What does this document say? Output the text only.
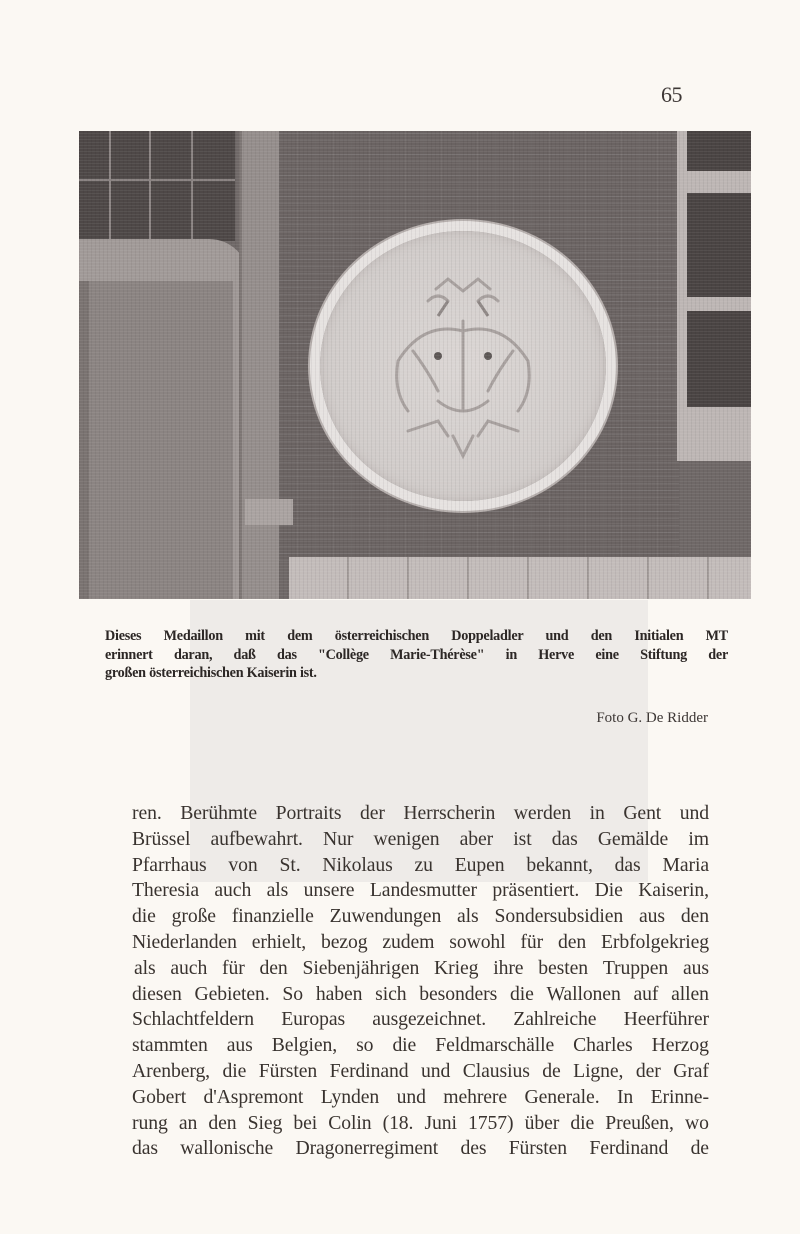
65
Dieses Medaillon mit dem österreichischen Doppeladler und den Initialen MT
erinnert daran, daß das "Collège Marie-Thérèse" in Herve eine Stiftung der
großen österreichischen Kaiserin ist.
Foto G. De Ridder
ren. Berühmte Portraits der Herrscherin werden in Gent und
Brüssel aufbewahrt. Nur wenigen aber ist das Gemälde im
Pfarrhaus von St. Nikolaus zu Eupen bekannt, das Maria
Theresia auch als unsere Landesmutter präsentiert. Die Kaiserin,
die große finanzielle Zuwendungen als Sondersubsidien aus den
Niederlanden erhielt, bezog zudem sowohl für den Erbfolgekrieg
als auch für den Siebenjährigen Krieg ihre besten Truppen aus
diesen Gebieten. So haben sich besonders die Wallonen auf allen
Schlachtfeldern Europas ausgezeichnet. Zahlreiche Heerführer
stammten aus Belgien, so die Feldmarschälle Charles Herzog
Arenberg, die Fürsten Ferdinand und Clausius de Ligne, der Graf
Gobert d'Aspremont Lynden und mehrere Generale. In Erinne-
rung an den Sieg bei Colin (18. Juni 1757) über die Preußen, wo
das wallonische Dragonerregiment des Fürsten Ferdinand de
